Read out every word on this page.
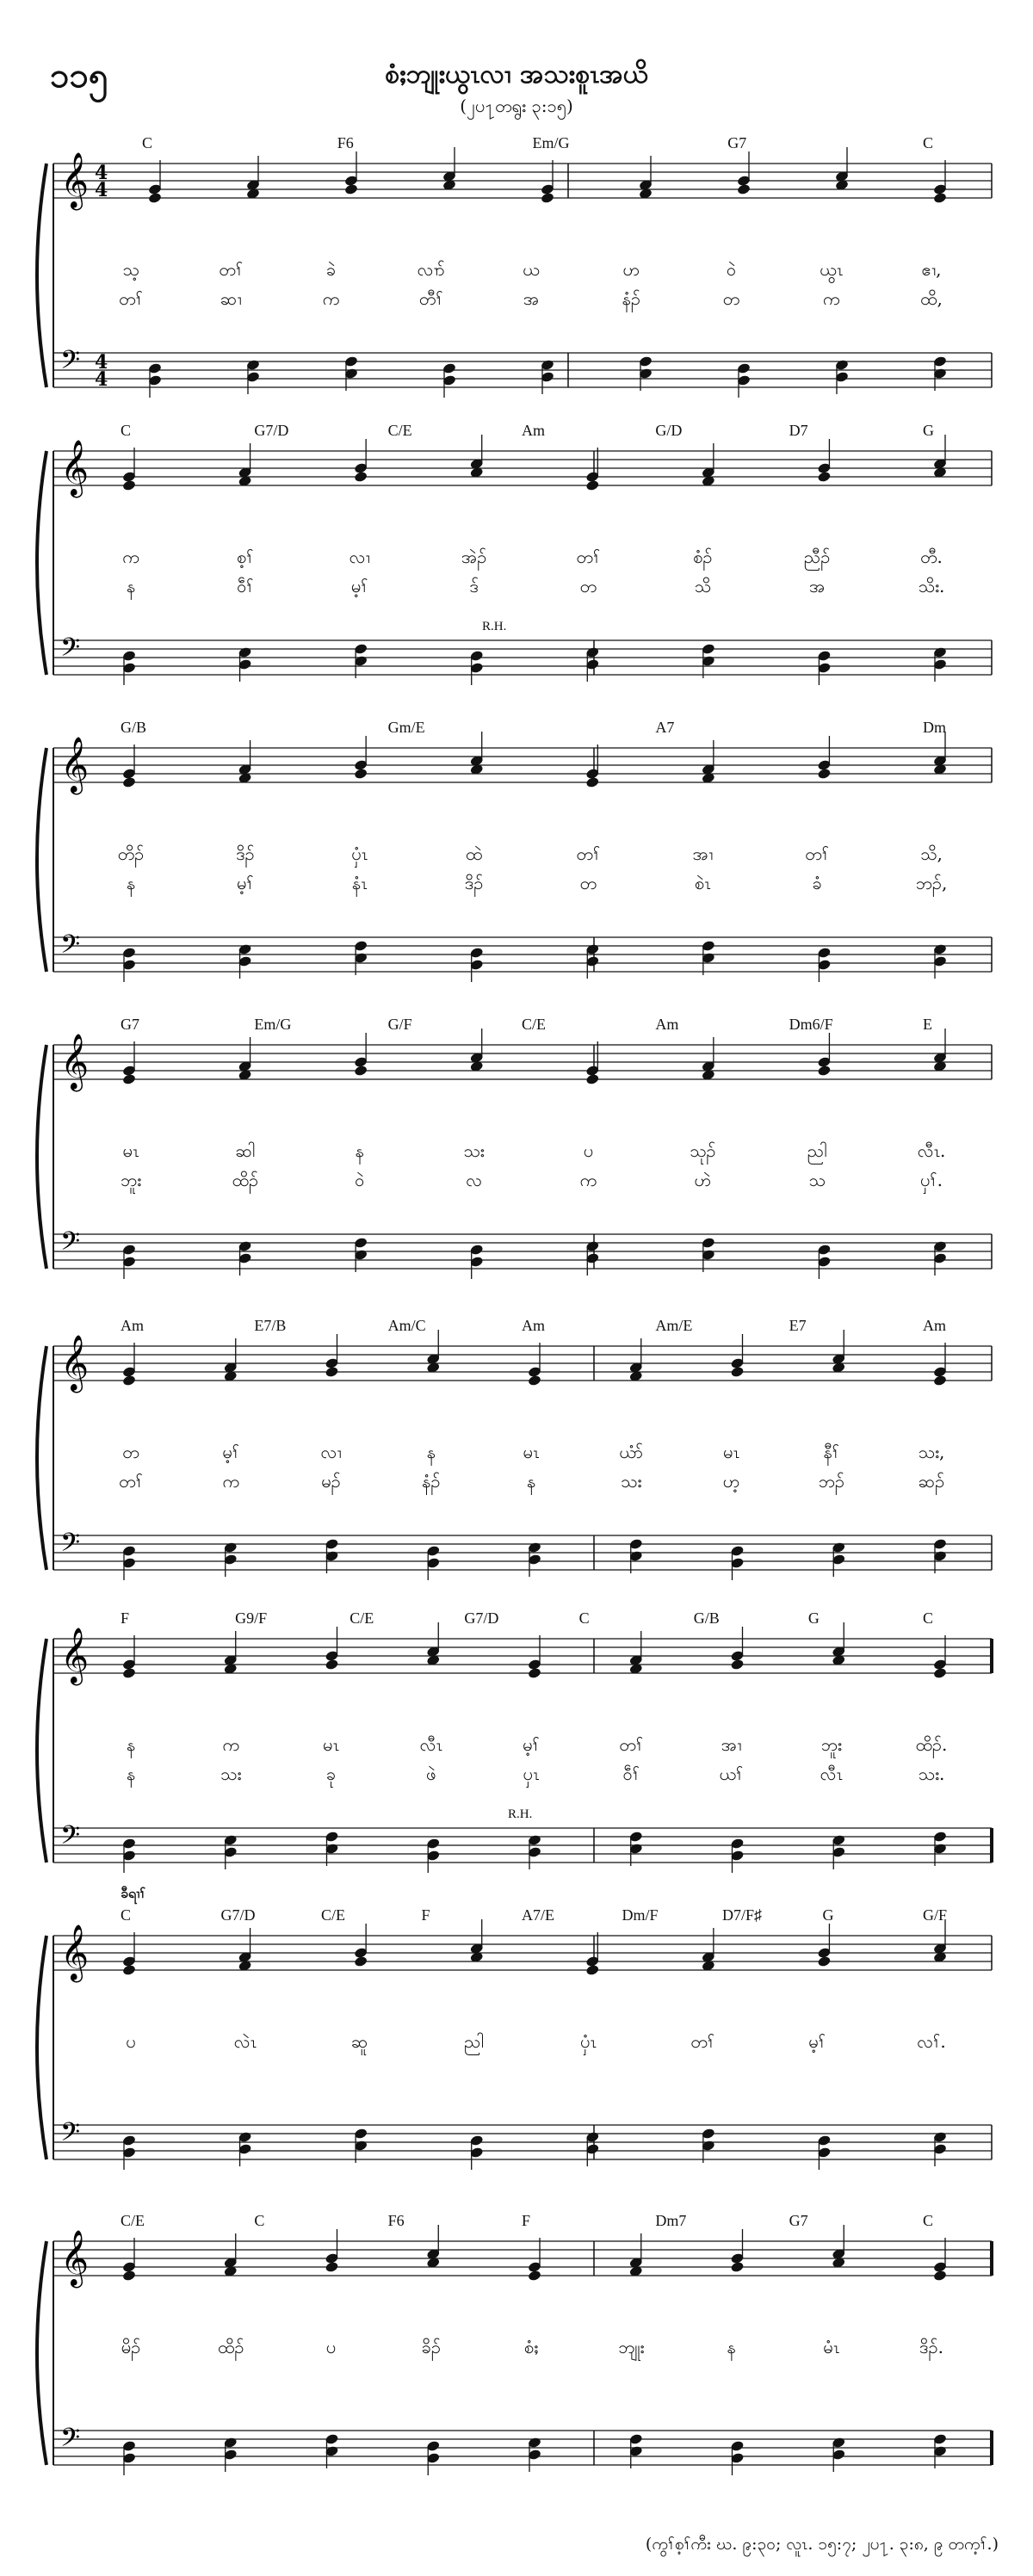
၁၁၅	စံႈဘျုးယွၤလၢ အသးစူၤအယိ
(၂ပ႑တရွး ၃:၁၅)
𝄞
𝄢
4
4
4
4
C	F6	Em/G	G7	C
သ့	တၢ်	ခဲ	လၢာ်	ယ	ဟ	ဝဲ	ယွၤ	ဧၢ,
တၢ်	ဆၢ	က	တီၢ်	အ	နံၣ်	တ	က	ထိ,
𝄞
𝄢
C	G7/D	C/E	Am	G/D	D7	G
R.H.
က	စ့ၢ်	လၢ	အဲၣ်	တၢ်	စံၣ်	ညီၣ်	တီ.
န	ဝဵၢ်	မ့ၢ်	ဒ်	တ	သိ	အ	သိး.
𝄞
𝄢
G/B	Gm/E	A7	Dm
တိၣ်	ဒိၣ်	ပှံၤ	ထဲ	တၢ်	အၢ	တၢ်	သိ,
န	မ့ၢ်	နံၤ	ဒိၣ်	တ	စဲၤ	ခံ	ဘၣ်,
𝄞
𝄢
G7	Em/G	G/F	C/E	Am	Dm6/F	E
မၤ	ဆါ	န	သး	ပ	သုၣ်	ညါ	လီၤ.
ဘူး	ထိၣ်	ဝဲ	လ	က	ဟဲ	သ	ပှၢ်.
𝄞
𝄢
Am	E7/B	Am/C	Am	Am/E	E7	Am
တ	မ့ၢ်	လၢ	န	မၤ	ယံာ်	မၤ	နီၢ်	သး,
တၢ်	က	မၣ်	နံၣ်	န	သး	ဟ့	ဘၣ်	ဆၣ်
𝄞
𝄢
F	G9/F	C/E	G7/D	C	G/B	G	C
R.H.
န	က	မၤ	လီၤ	မ့ၢ်	တၢ်	အၢ	ဘူး	ထိၣ်.
န	သး	ခု	ဖဲ	ပှၤ	ဝဵၢ်	ယၢ်	လီၤ	သး.
𝄞
𝄢
C	G7/D	C/E	F	A7/E	Dm/F	D7/F♯	G	G/F
ခီရၢၢ်
ပ	လဲၤ	ဆူ	ညါ	ပှံၤ	တၢ်	မ့ၢ်	လၢ်.
𝄞
𝄢
C/E	C	F6	F	Dm7	G7	C
မိၣ်	ထိၣ်	ပ	ခိၣ်	စံႈ	ဘျုး	န	မံၤ	ဒိၣ်.
(ကွၢ်စ့ၢ်ကီး ဃ. ၉:၃၀; လူၤ. ၁၅:၇; ၂ပ႑. ၃:၈, ၉ တက့ၢ်.)
